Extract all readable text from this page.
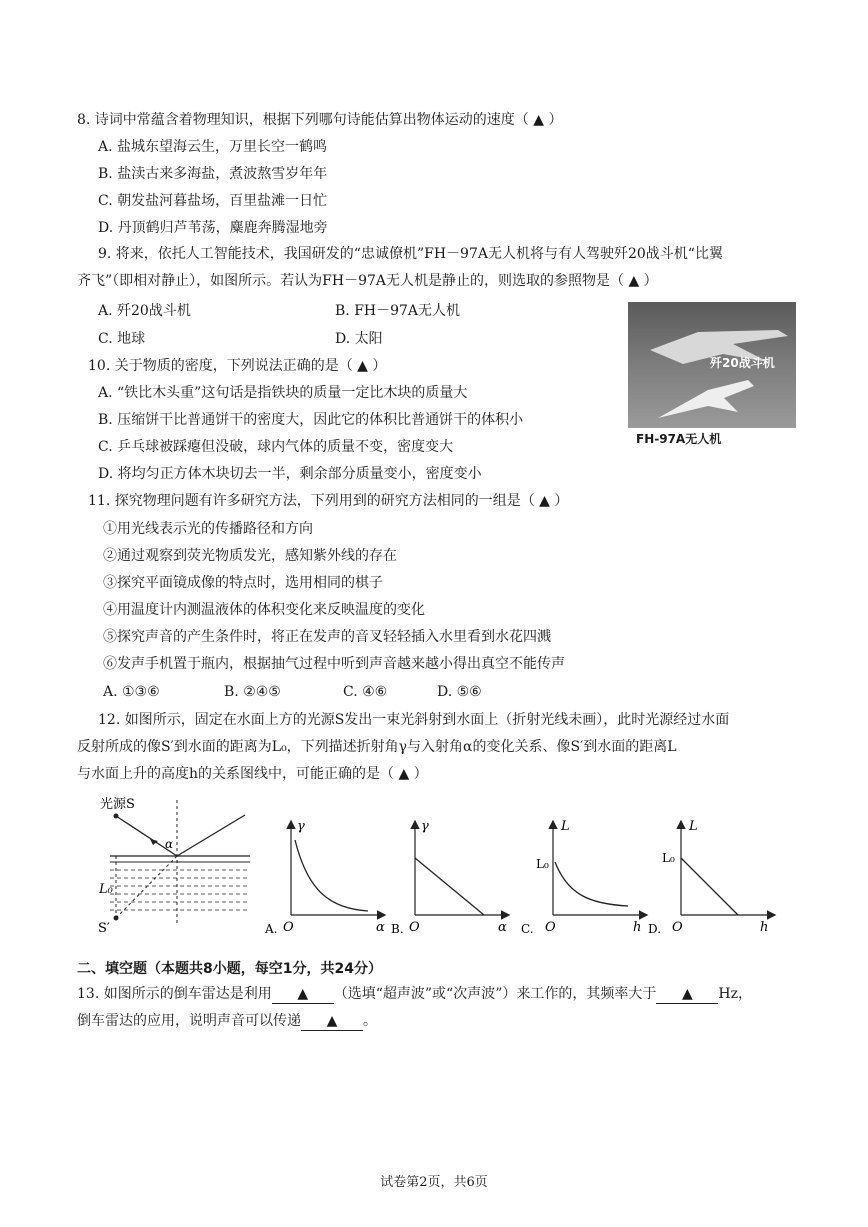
8. 诗词中常蕴含着物理知识，根据下列哪句诗能估算出物体运动的速度（ ▲ ）
A. 盐城东望海云生，万里长空一鹤鸣
B. 盐渎古来多海盐，煮波熬雪岁年年
C. 朝发盐河暮盐场，百里盐滩一日忙
D. 丹顶鹤归芦苇荡，麋鹿奔腾湿地旁
9. 将来，依托人工智能技术，我国研发的“忠诚僚机”FH－97A无人机将与有人驾驶歼20战斗机“比翼
齐飞”（即相对静止），如图所示。若认为FH－97A无人机是静止的，则选取的参照物是（ ▲ ）
A. 歼20战斗机	B. FH－97A无人机
C. 地球	D. 太阳
歼20战斗机
FH-97A无人机
10. 关于物质的密度，下列说法正确的是（ ▲ ）
A. “铁比木头重”这句话是指铁块的质量一定比木块的质量大
B. 压缩饼干比普通饼干的密度大，因此它的体积比普通饼干的体积小
C. 乒乓球被踩瘪但没破，球内气体的质量不变，密度变大
D. 将均匀正方体木块切去一半，剩余部分质量变小，密度变小
11. 探究物理问题有许多研究方法，下列用到的研究方法相同的一组是（ ▲ ）
①用光线表示光的传播路径和方向
②通过观察到荧光物质发光，感知紫外线的存在
③探究平面镜成像的特点时，选用相同的棋子
④用温度计内测温液体的体积变化来反映温度的变化
⑤探究声音的产生条件时，将正在发声的音叉轻轻插入水里看到水花四溅
⑥发声手机置于瓶内，根据抽气过程中听到声音越来越小得出真空不能传声
A. ①③⑥	B. ②④⑤	C. ④⑥	D. ⑤⑥
12. 如图所示，固定在水面上方的光源S发出一束光斜射到水面上（折射光线未画），此时光源经过水面
反射所成的像S′到水面的距离为L₀，下列描述折射角γ与入射角α的变化关系、像S′到水面的距离L
与水面上升的高度h的关系图线中，可能正确的是（ ▲ ）
光源S
α
L₀
S′
γ
α
O
A.
γ
α
O
B.
L
L₀
h
O
C.
L
L₀
h
O
D.
二、填空题（本题共8小题，每空1分，共24分）
13. 如图所示的倒车雷达是利用 ▲ （选填“超声波”或“次声波”）来工作的，其频率大于 ▲ Hz，
倒车雷达的应用，说明声音可以传递 ▲ 。
试卷第2页，共6页
